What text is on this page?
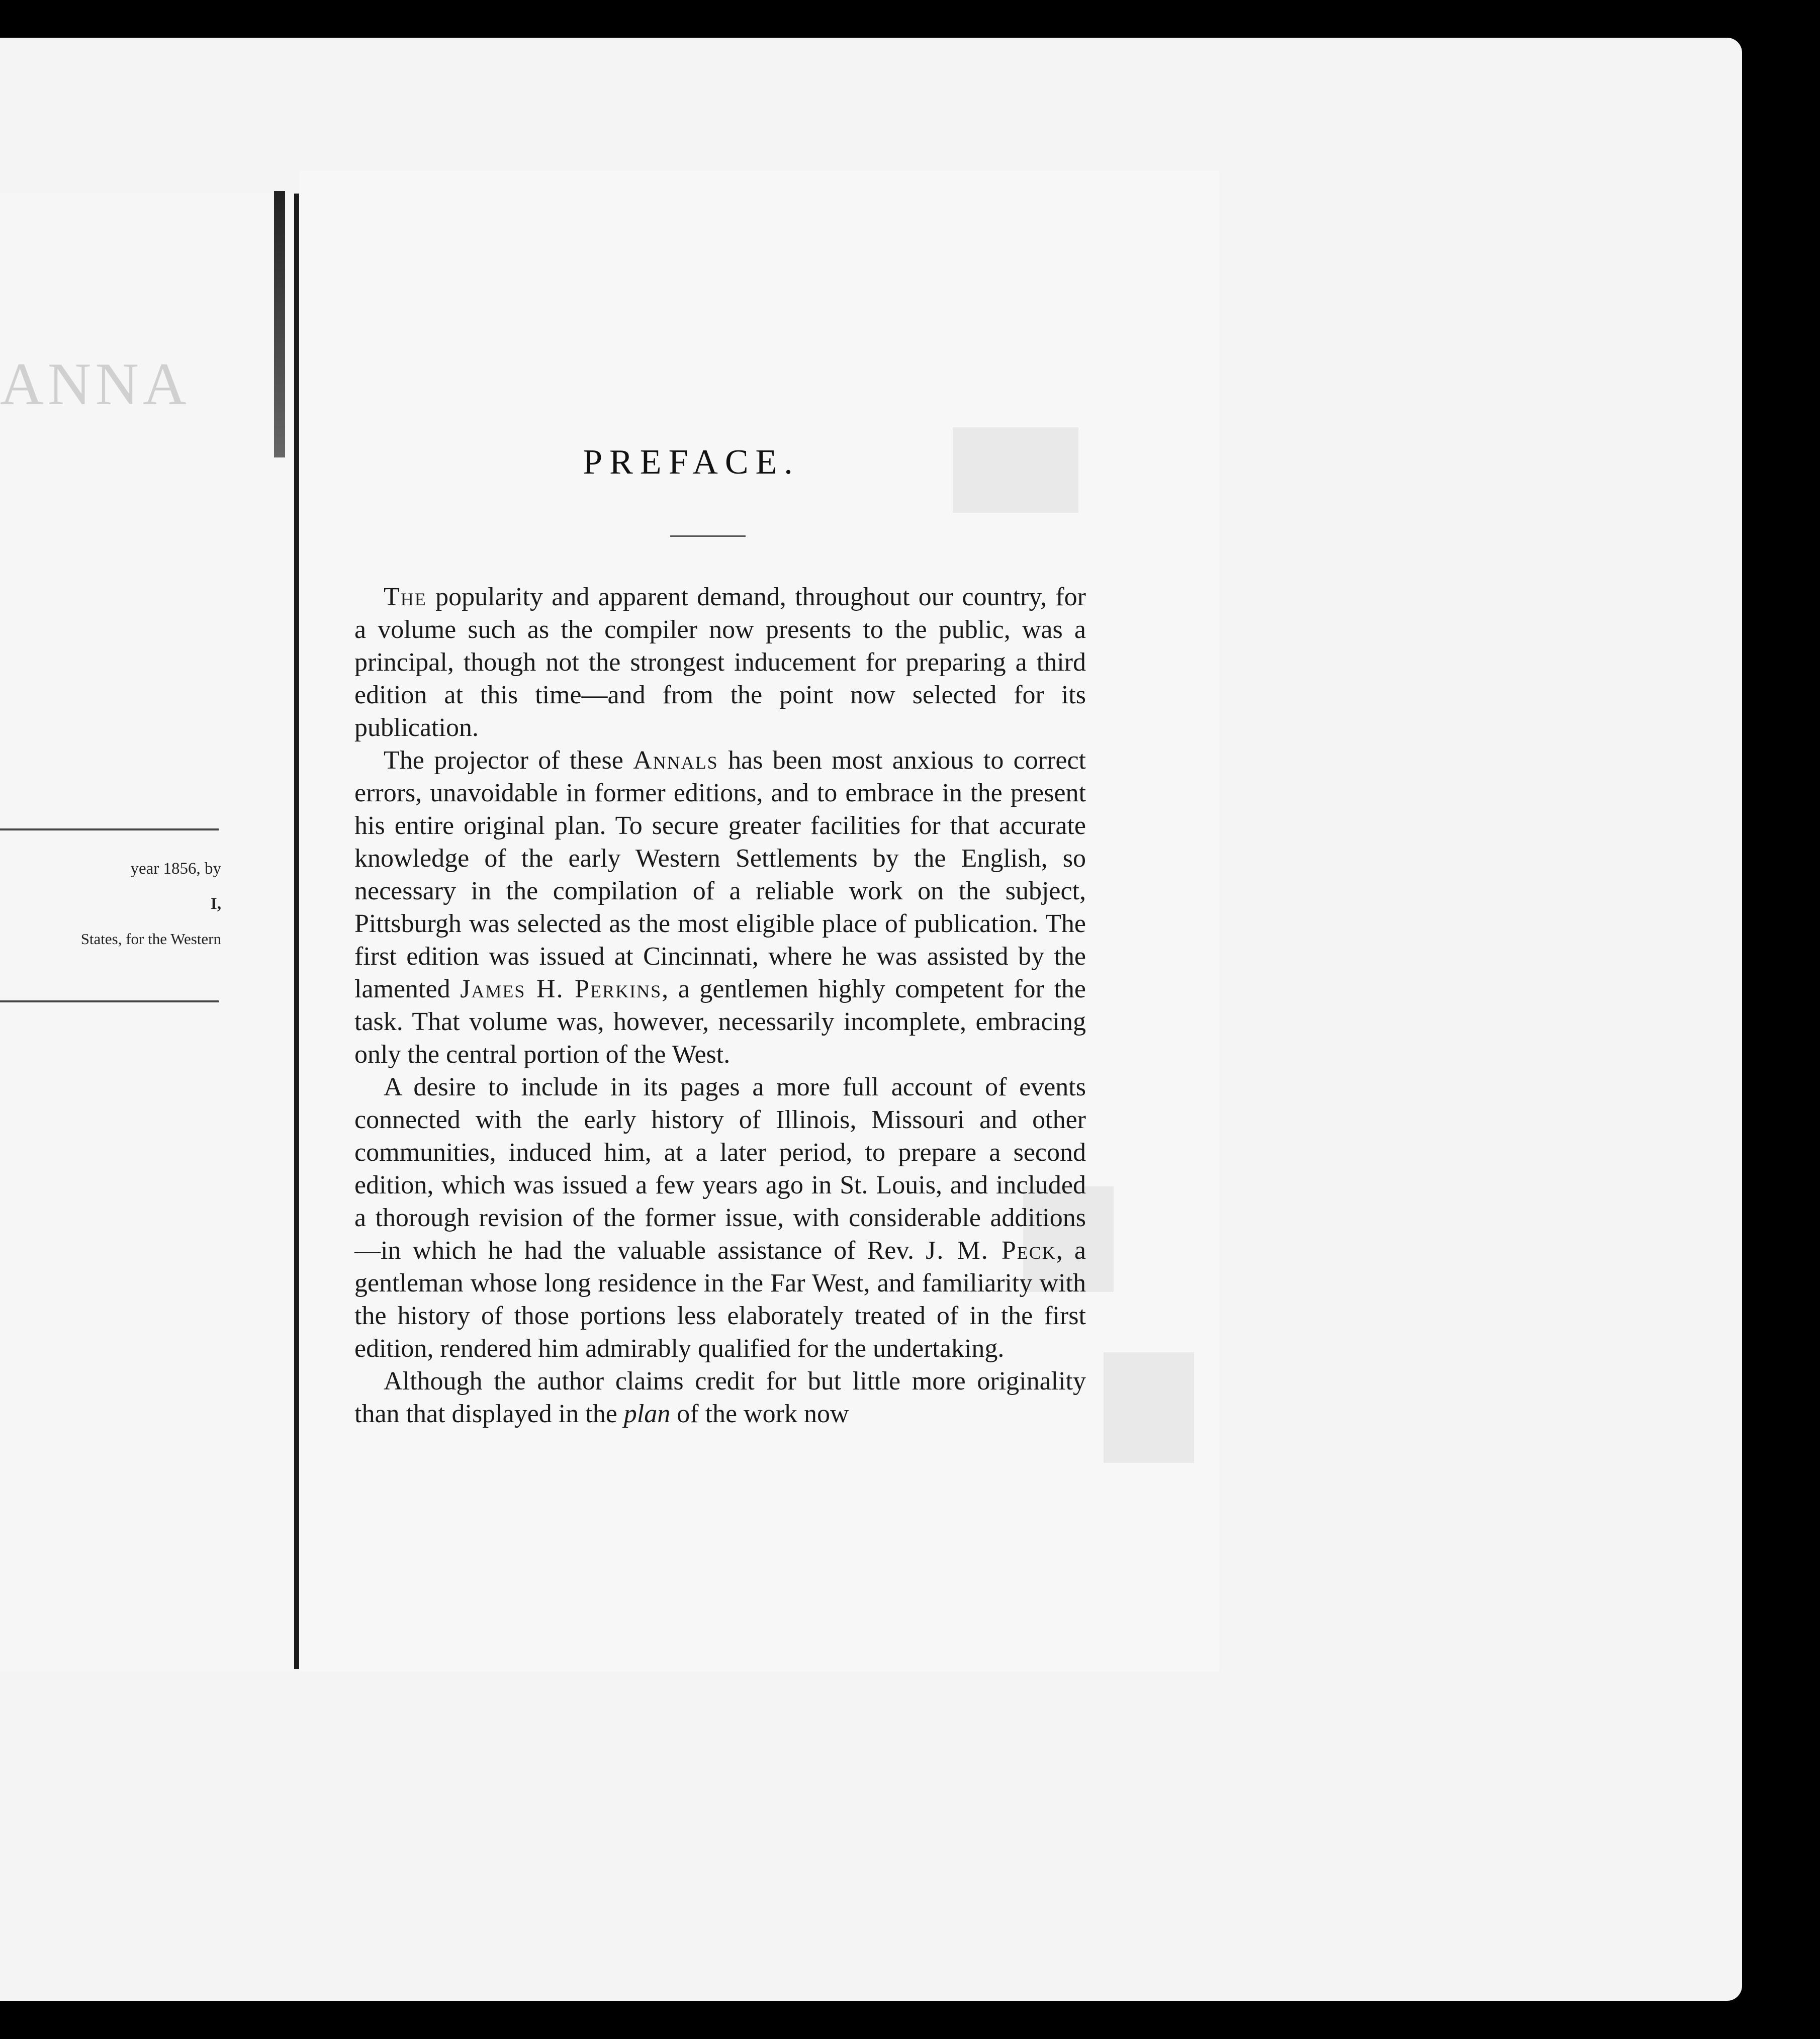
ANNA
year 1856, by
I,
States, for the Western
PREFACE.

The popularity and apparent demand, throughout our country, for a volume such as the compiler now presents to the public, was a principal, though not the strongest inducement for preparing a third edition at this time—and from the point now selected for its publication.

The projector of these Annals has been most anxious to correct errors, unavoidable in former editions, and to embrace in the present his entire original plan. To secure greater facilities for that accurate knowledge of the early Western Settlements by the English, so necessary in the compilation of a reliable work on the subject, Pittsburgh was selected as the most eligible place of publication. The first edition was issued at Cincinnati, where he was assisted by the lamented James H. Perkins, a gentlemen highly competent for the task. That volume was, however, necessarily incomplete, embracing only the central portion of the West.

A desire to include in its pages a more full account of events connected with the early history of Illinois, Missouri and other communities, induced him, at a later period, to prepare a second edition, which was issued a few years ago in St. Louis, and included a thorough revision of the former issue, with considerable additions—in which he had the valuable assistance of Rev. J. M. Peck, a gentleman whose long residence in the Far West, and familiarity with the history of those portions less elaborately treated of in the first edition, rendered him admirably qualified for the undertaking.

Although the author claims credit for but little more originality than that displayed in the plan of the work now
